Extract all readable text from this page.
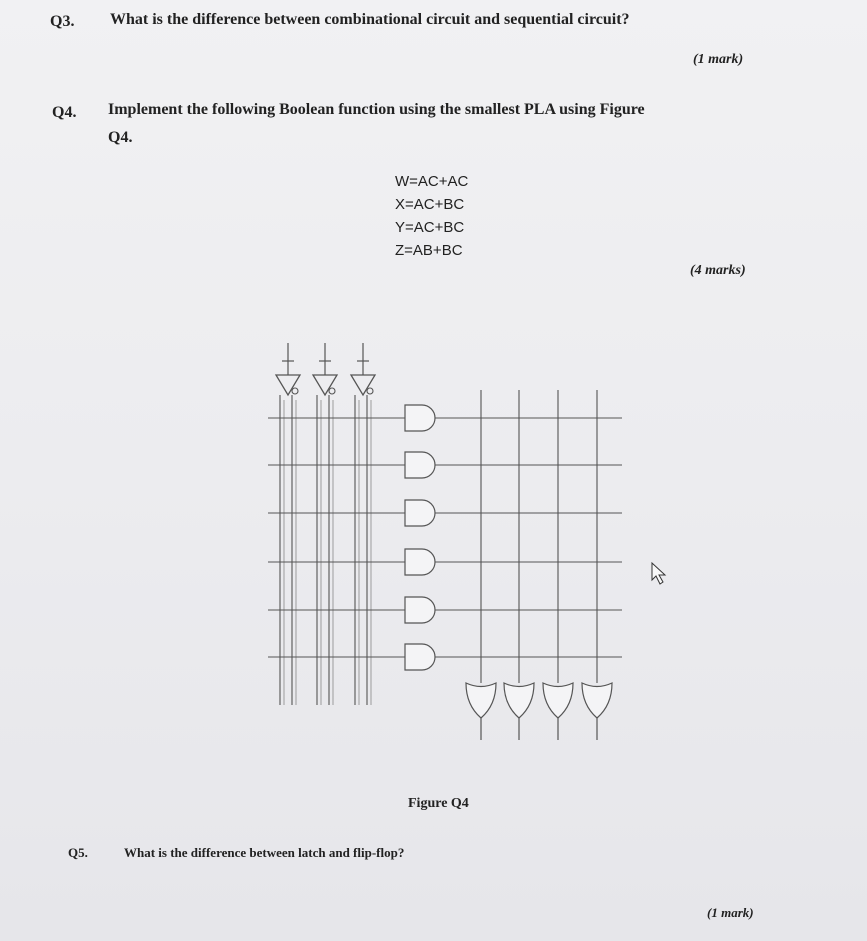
Q3. What is the difference between combinational circuit and sequential circuit?
(1 mark)
Q4. Implement the following Boolean function using the smallest PLA using Figure
Q4.
W=AC+AC
X=AC+BC
Y=AC+BC
Z=AB+BC
(4 marks)
Figure Q4
Q5.	What is the difference between latch and flip-flop?
(1 mark)
